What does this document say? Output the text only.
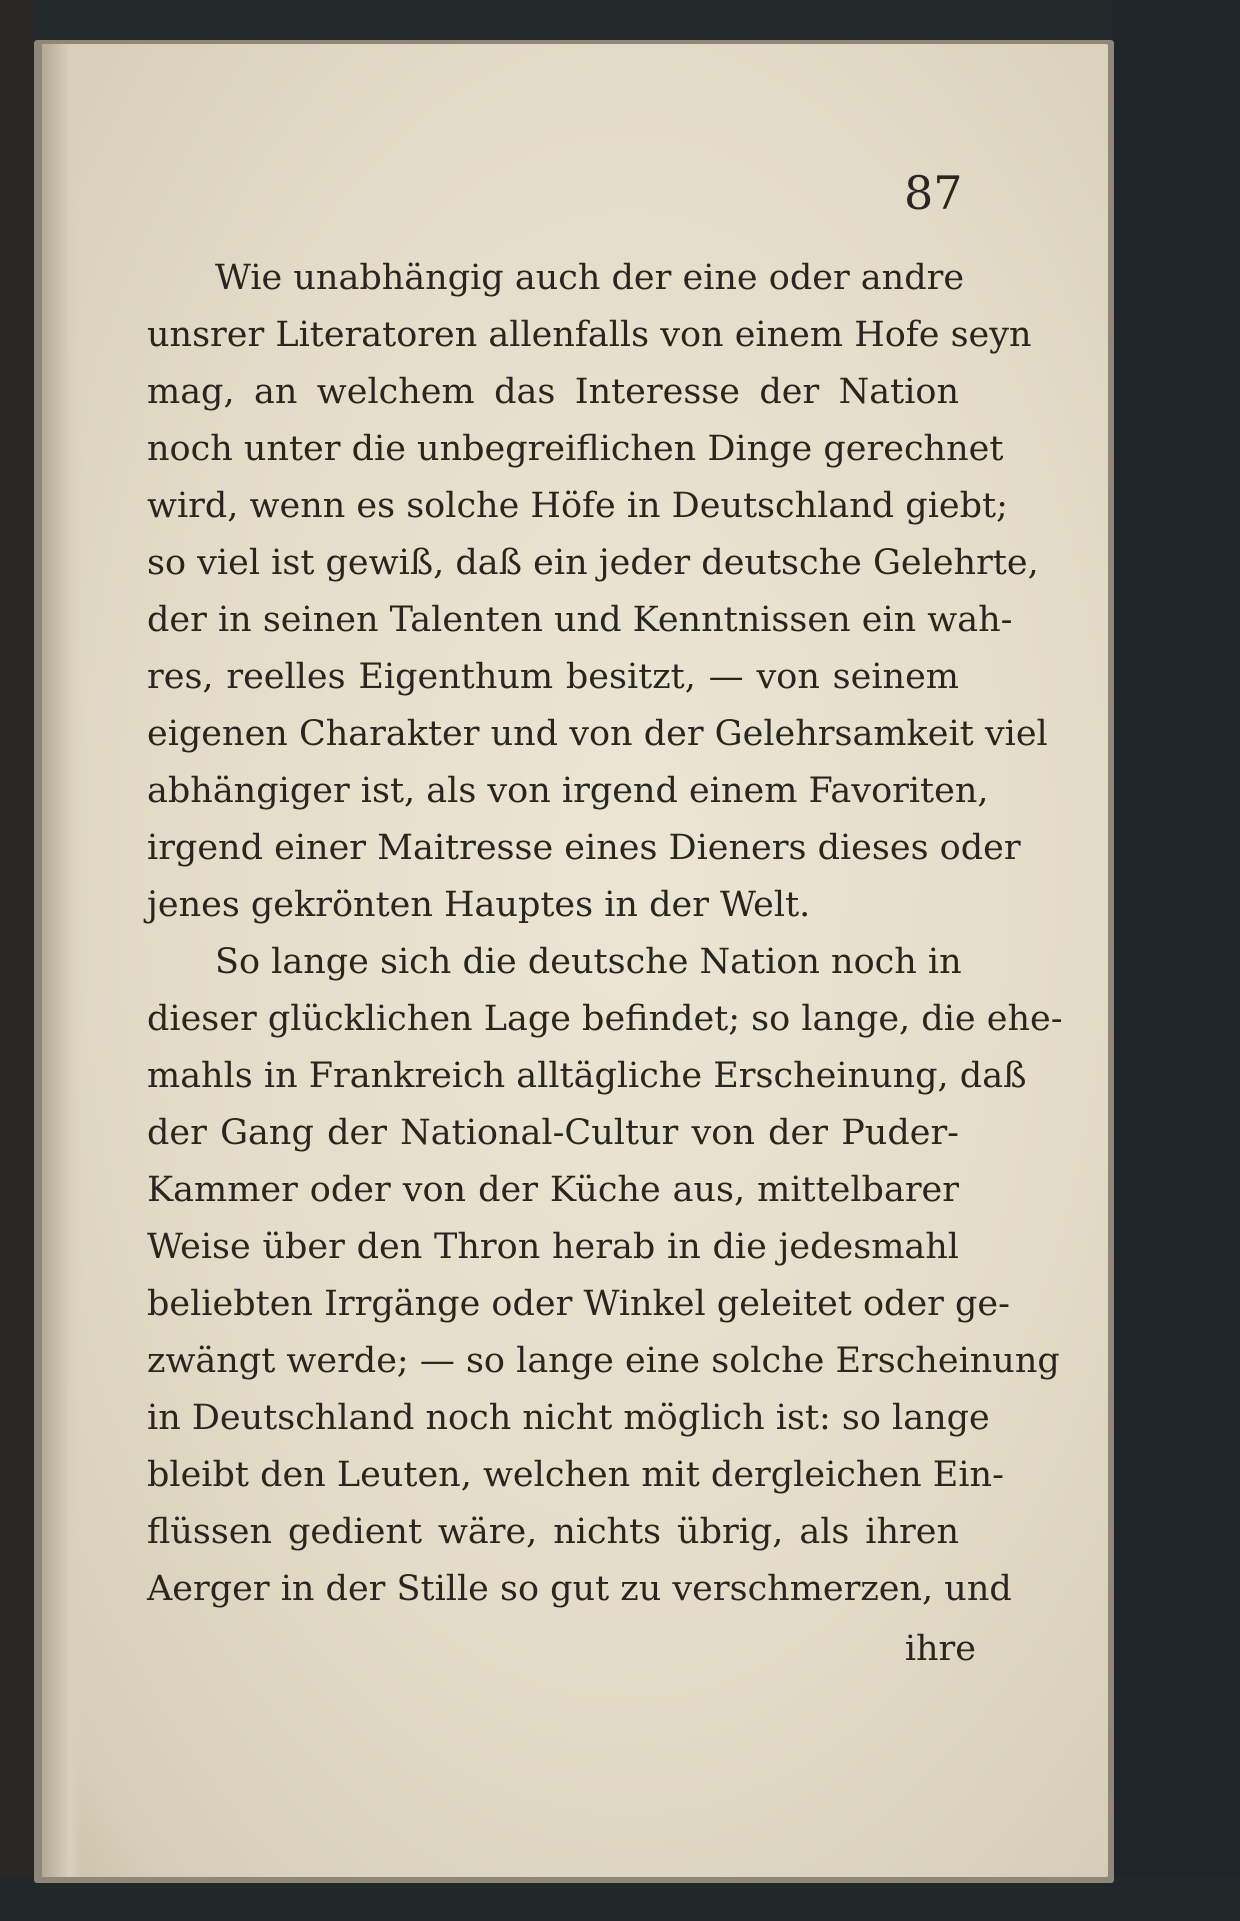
87

Wie unabhängig auch der eine oder andre
unsrer Literatoren allenfalls von einem Hofe seyn
mag, an welchem das Interesse der Nation
noch unter die unbegreiflichen Dinge gerechnet
wird, wenn es solche Höfe in Deutschland giebt;
so viel ist gewiß, daß ein jeder deutsche Gelehrte,
der in seinen Talenten und Kenntnissen ein wah-
res, reelles Eigenthum besitzt, — von seinem
eigenen Charakter und von der Gelehrsamkeit viel
abhängiger ist, als von irgend einem Favoriten,
irgend einer Maitresse eines Dieners dieses oder
jenes gekrönten Hauptes in der Welt.
So lange sich die deutsche Nation noch in
dieser glücklichen Lage befindet; so lange, die ehe-
mahls in Frankreich alltägliche Erscheinung, daß
der Gang der National-Cultur von der Puder-
Kammer oder von der Küche aus, mittelbarer
Weise über den Thron herab in die jedesmahl
beliebten Irrgänge oder Winkel geleitet oder ge-
zwängt werde; — so lange eine solche Erscheinung
in Deutschland noch nicht möglich ist: so lange
bleibt den Leuten, welchen mit dergleichen Ein-
flüssen gedient wäre, nichts übrig, als ihren
Aerger in der Stille so gut zu verschmerzen, und

ihre
